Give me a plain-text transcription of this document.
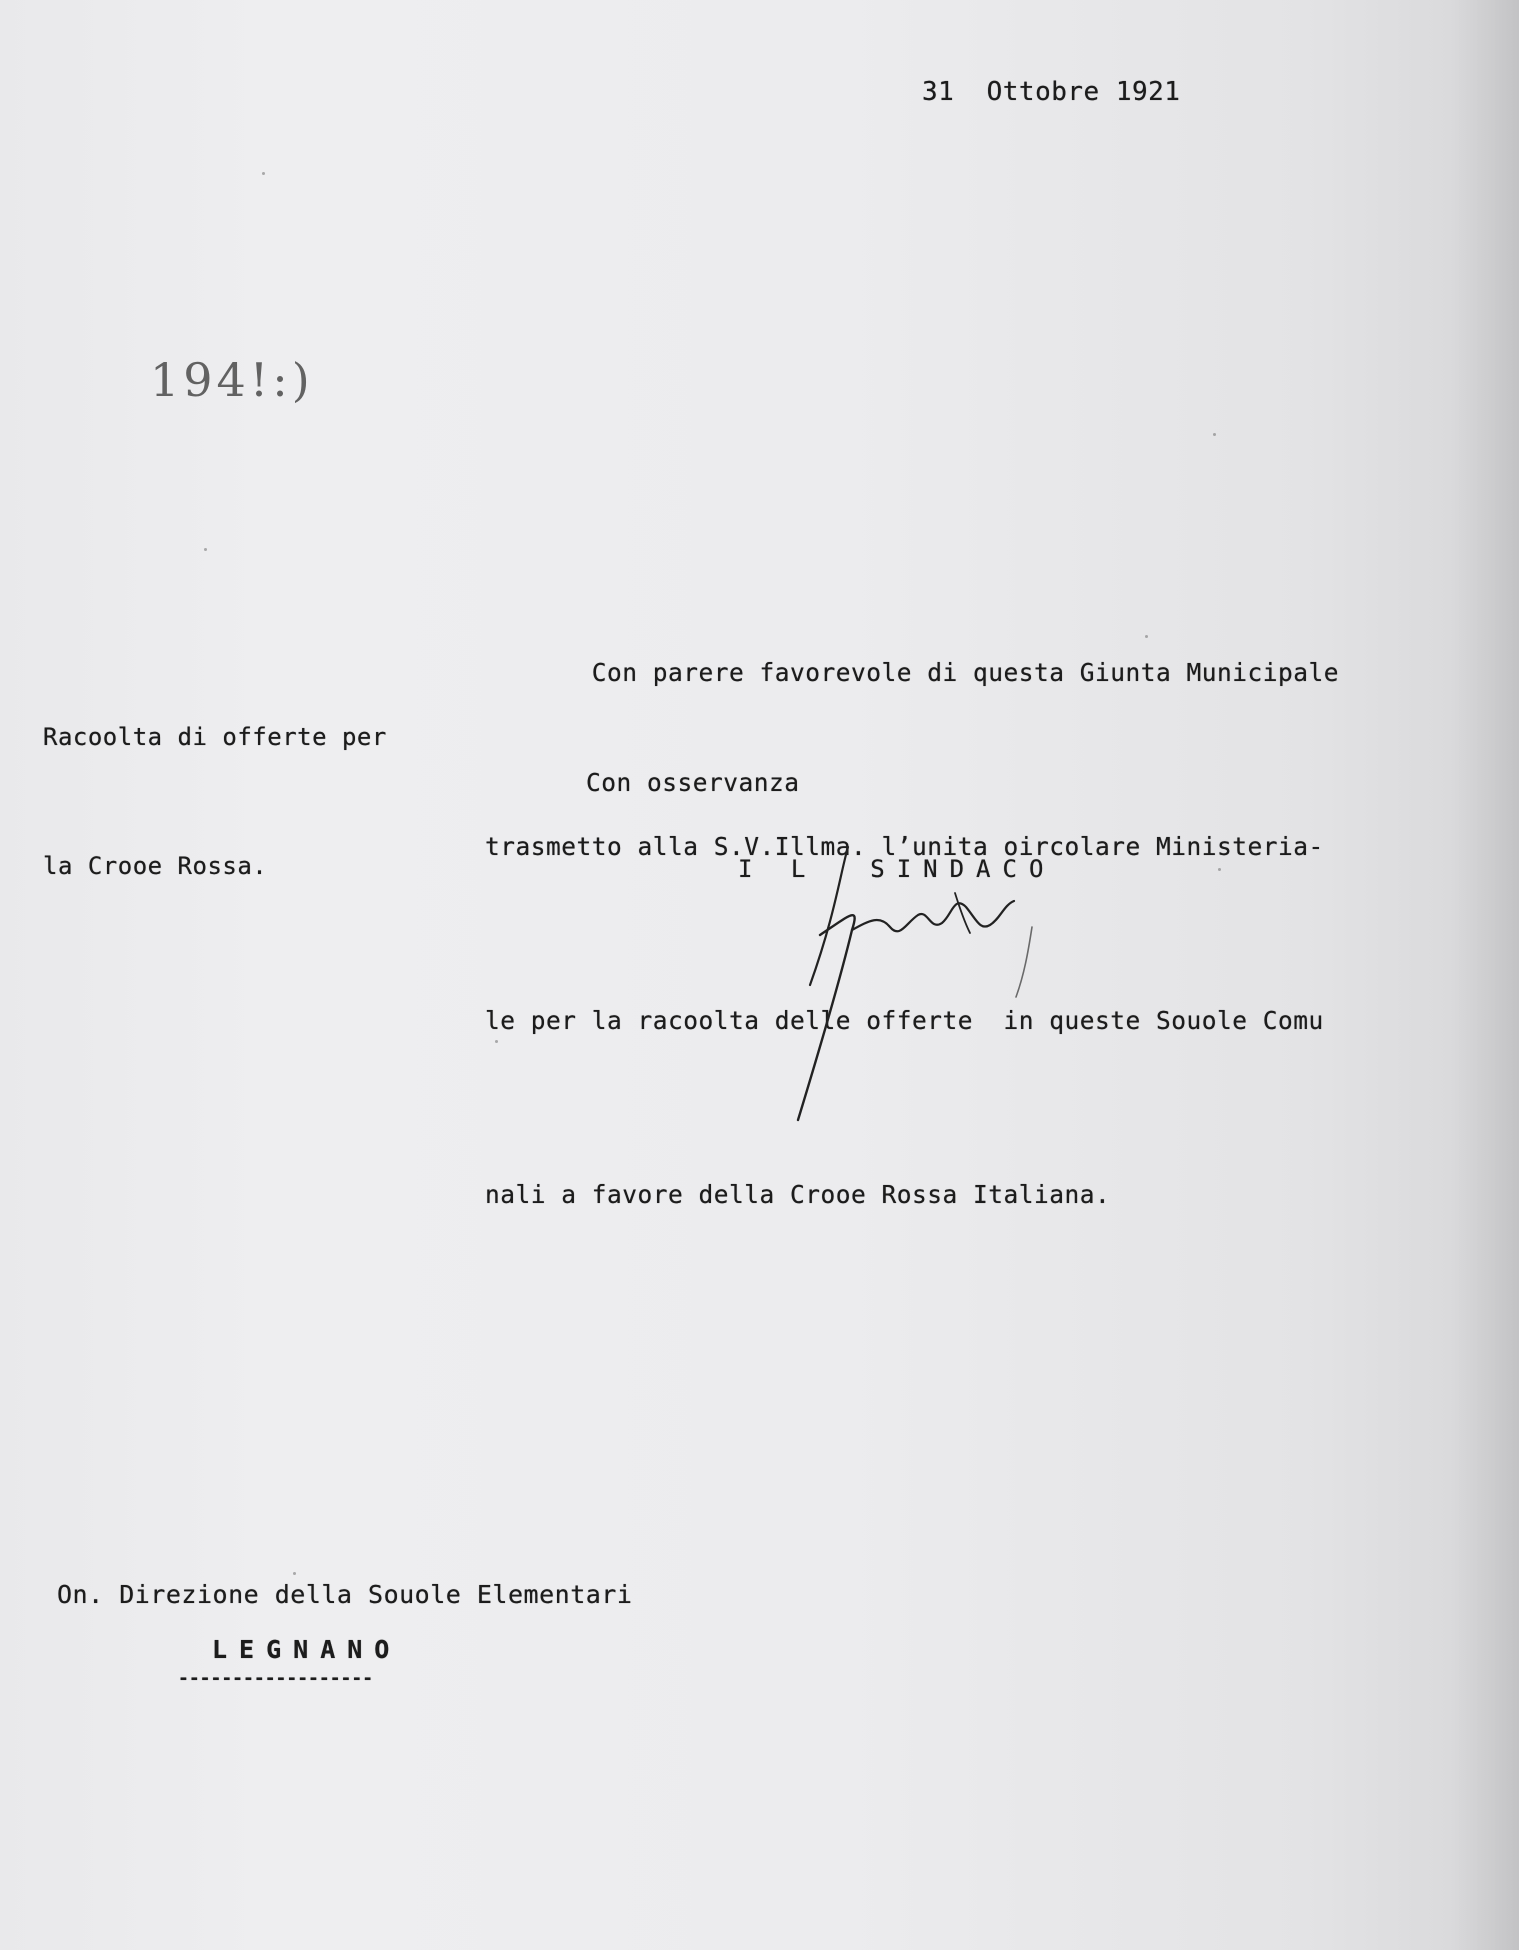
31  Ottobre 1921
194!:)

Racoolta di offerte per

la Crooe Rossa.

Con parere favorevole di questa Giunta Municipale

trasmetto alla S.V.Illma. l’unita oircolare Ministeria-

le per la racoolta delle offerte  in queste Souole Comu

nali a favore della Crooe Rossa Italiana.

Con osservanza
I L  SINDACO
On. Direzione della Souole Elementari
LEGNANO
------------------
